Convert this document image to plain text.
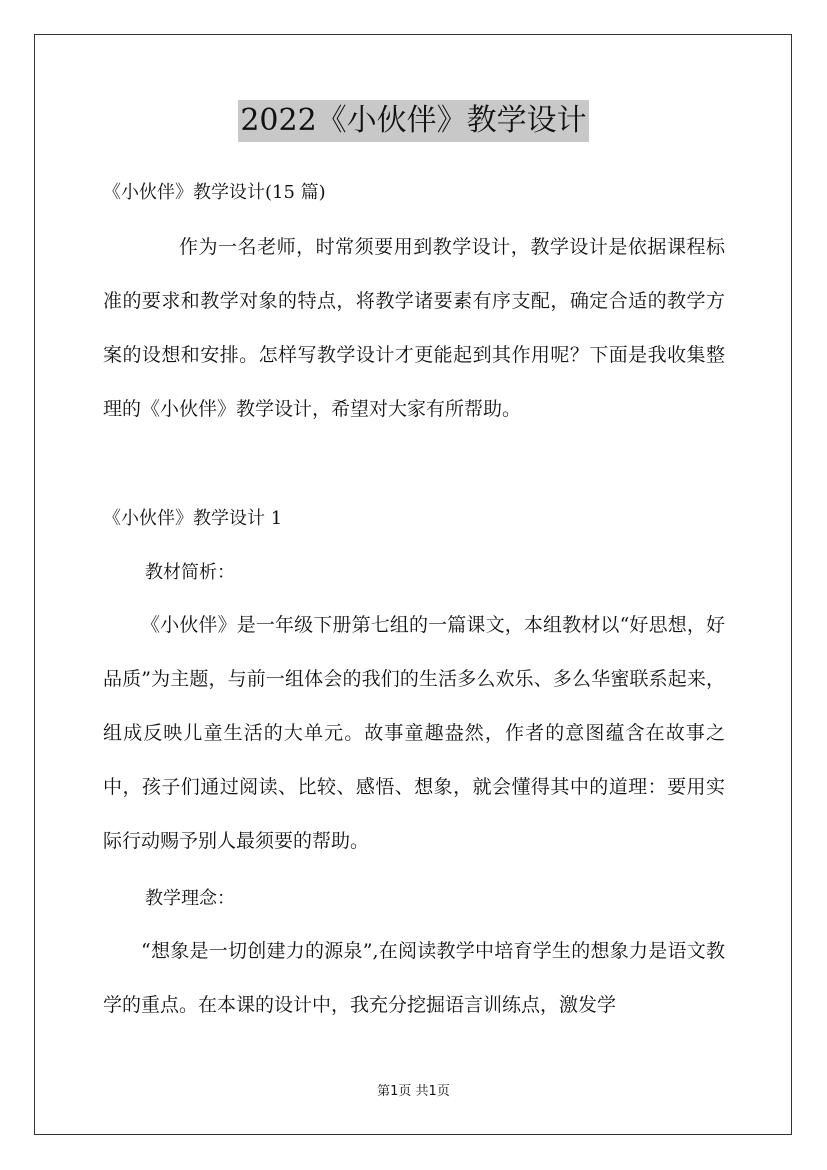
2022《小伙伴》教学设计

《小伙伴》教学设计(15 篇)

作为一名老师，时常须要用到教学设计，教学设计是依据课程标准的要求和教学对象的特点，将教学诸要素有序支配，确定合适的教学方案的设想和安排。怎样写教学设计才更能起到其作用呢？下面是我收集整理的《小伙伴》教学设计，希望对大家有所帮助。

《小伙伴》教学设计 1

教材简析：

《小伙伴》是一年级下册第七组的一篇课文，本组教材以“好思想，好品质”为主题，与前一组体会的我们的生活多么欢乐、多么华蜜联系起来，组成反映儿童生活的大单元。故事童趣盎然，作者的意图蕴含在故事之中，孩子们通过阅读、比较、感悟、想象，就会懂得其中的道理：要用实际行动赐予别人最须要的帮助。

教学理念：

“想象是一切创建力的源泉”,在阅读教学中培育学生的想象力是语文教学的重点。在本课的设计中，我充分挖掘语言训练点，激发学

第1页 共1页
